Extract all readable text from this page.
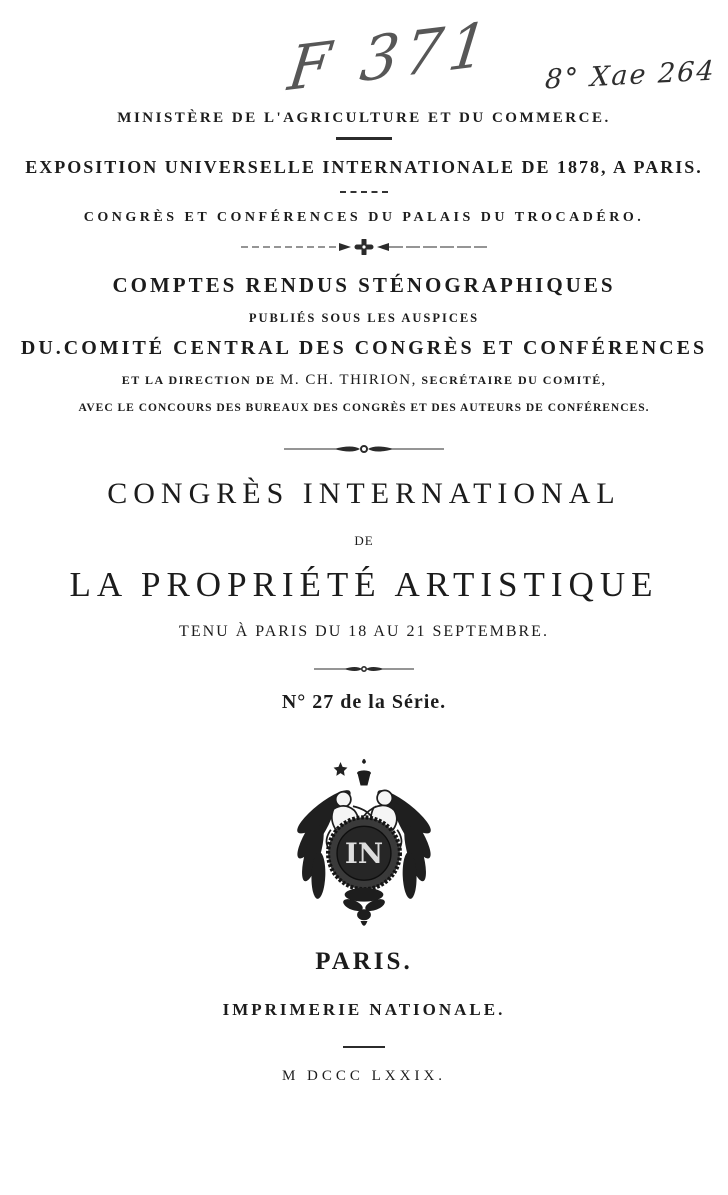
F 371 8° Xae 264
MINISTÈRE DE L'AGRICULTURE ET DU COMMERCE.
EXPOSITION UNIVERSELLE INTERNATIONALE DE 1878, A PARIS.
CONGRÈS ET CONFÉRENCES DU PALAIS DU TROCADÉRO.
COMPTES RENDUS STÉNOGRAPHIQUES
PUBLIÉS SOUS LES AUSPICES
DU.COMITÉ CENTRAL DES CONGRÈS ET CONFÉRENCES
ET LA DIRECTION DE M. CH. THIRION, SECRÉTAIRE DU COMITÉ,
AVEC LE CONCOURS DES BUREAUX DES CONGRÈS ET DES AUTEURS DE CONFÉRENCES.
CONGRÈS INTERNATIONAL
DE
LA PROPRIÉTÉ ARTISTIQUE
TENU À PARIS DU 18 AU 21 SEPTEMBRE.
N° 27 de la Série.
IN
PARIS.
IMPRIMERIE NATIONALE.
M DCCC LXXIX.
